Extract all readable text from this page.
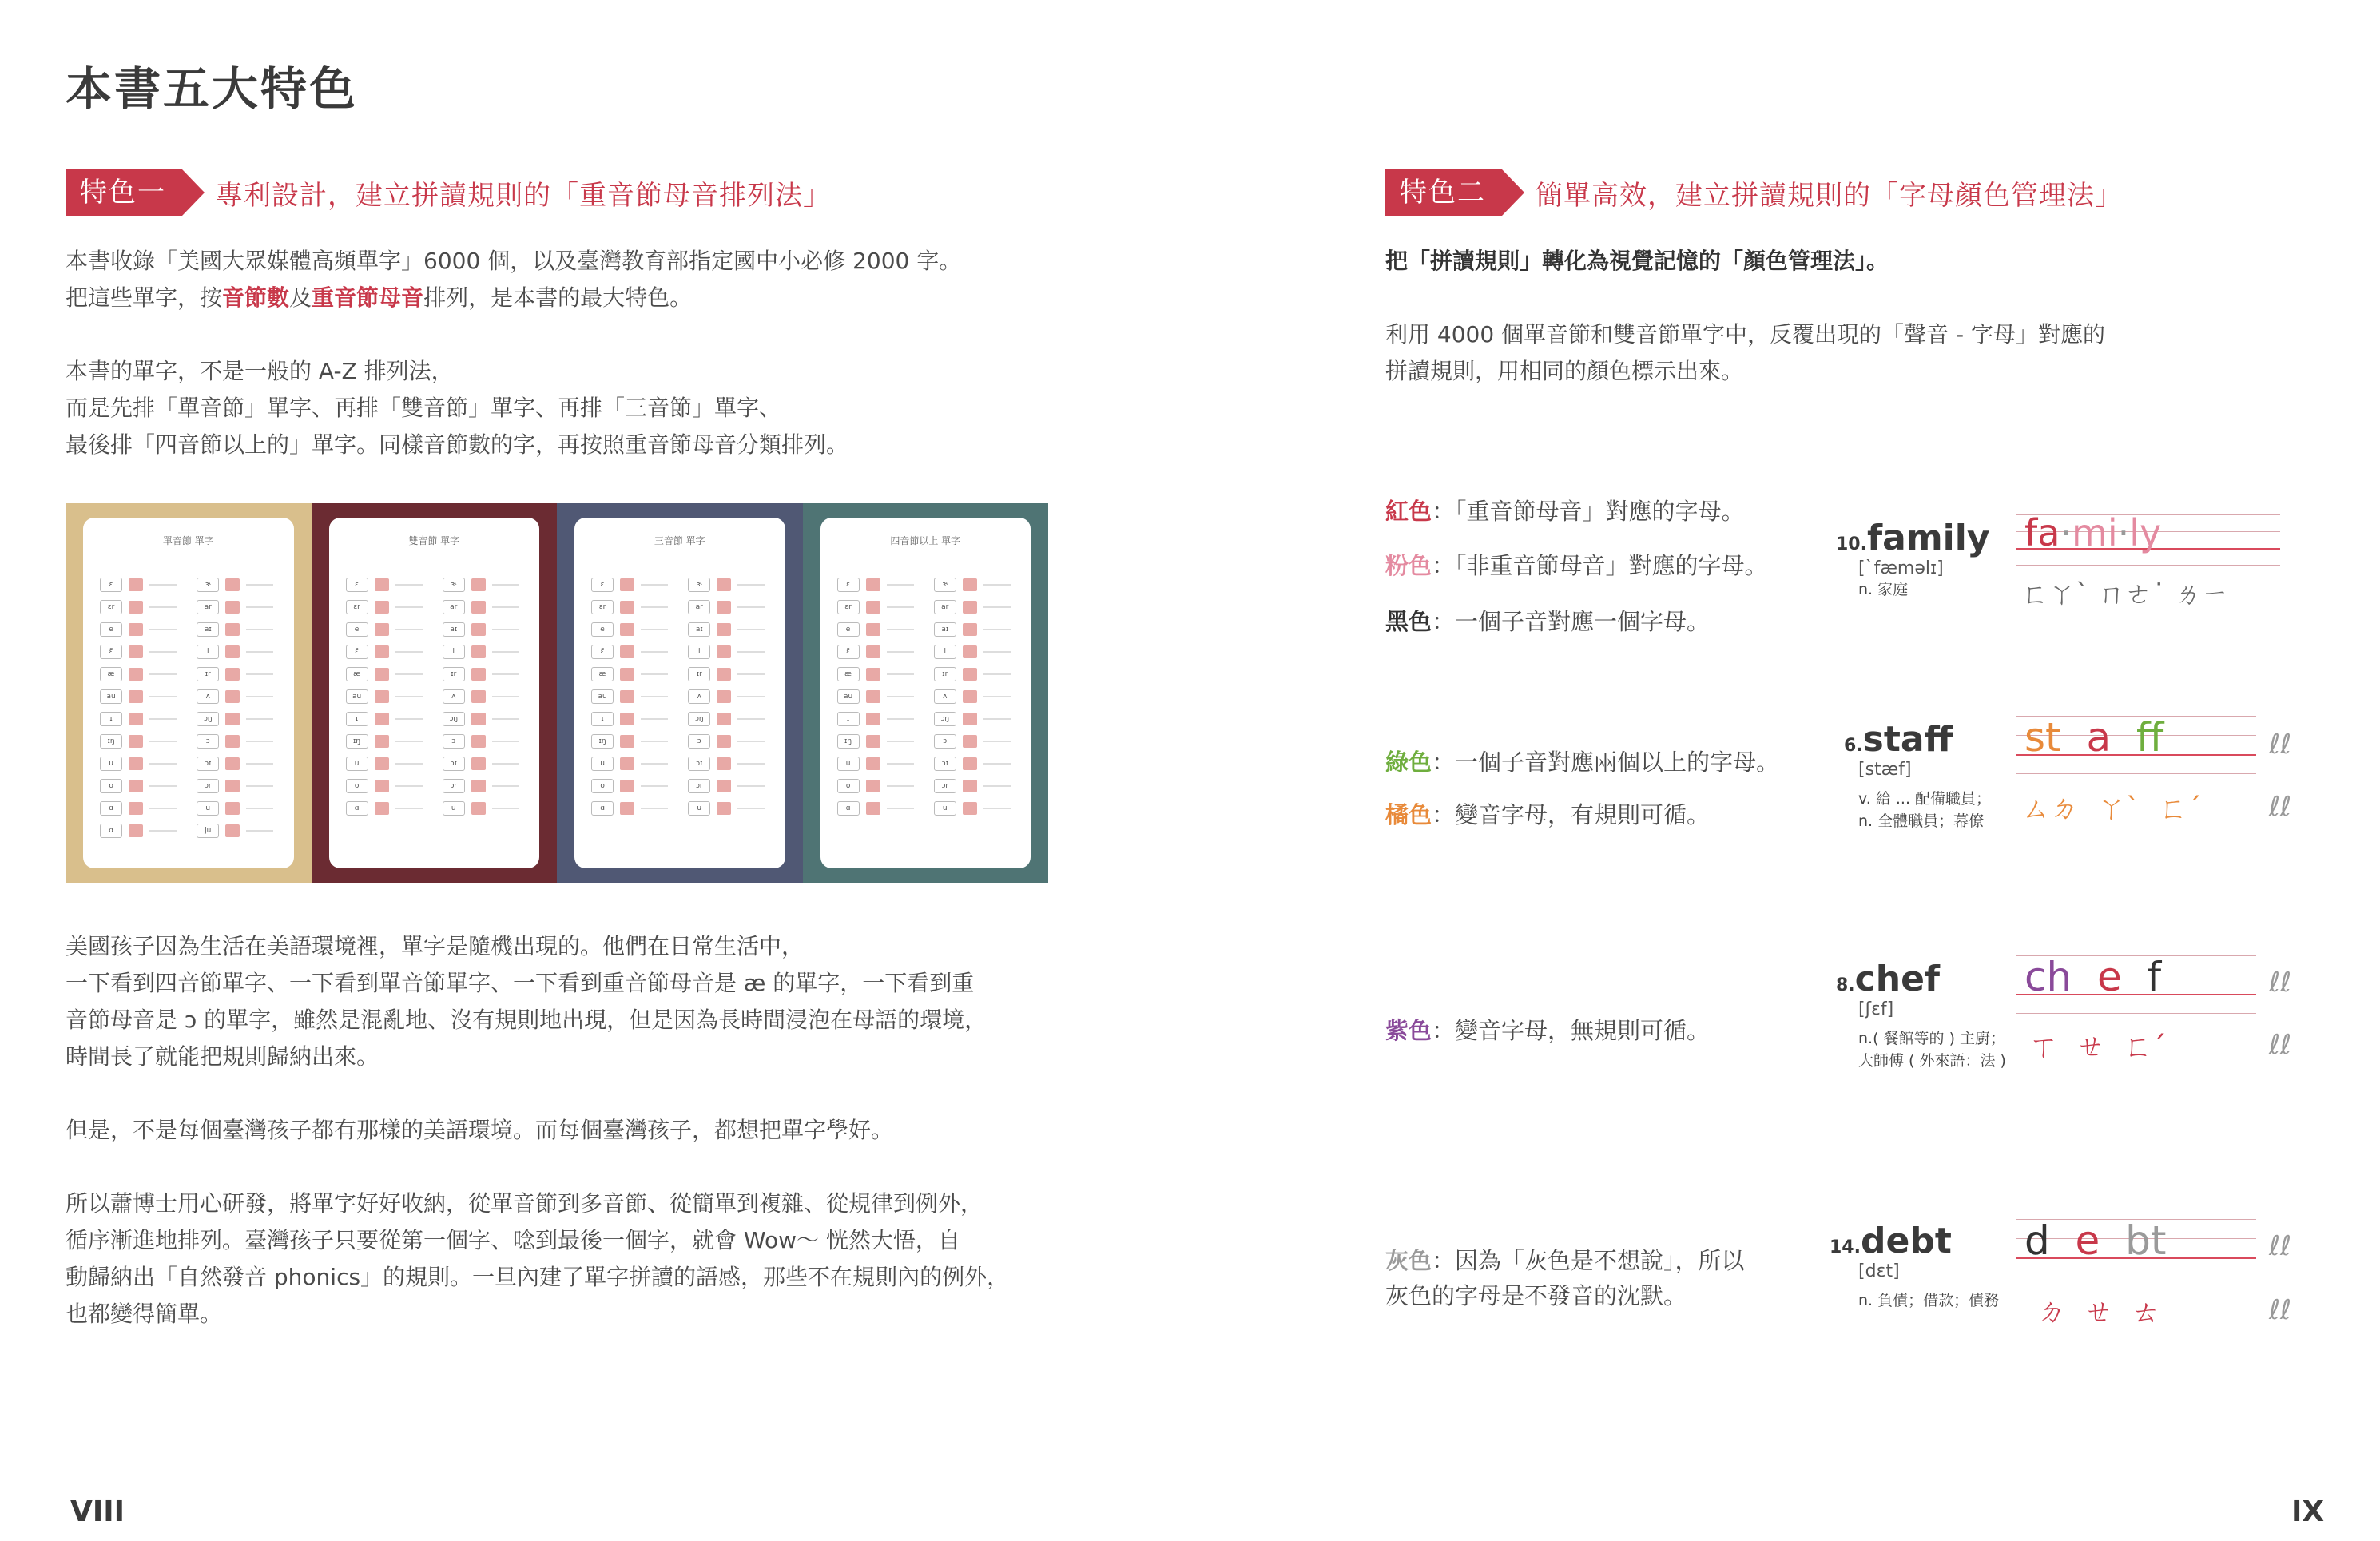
本書五大特色
特色一	專利設計，建立拼讀規則的「重音節母音排列法」

本書收錄「美國大眾媒體高頻單字」6000 個，以及臺灣教育部指定國中小必修 2000 字。

把這些單字，按音節數及重音節母音排列，是本書的最大特色。

本書的單字，不是一般的 A-Z 排列法，

而是先排「單音節」單字、再排「雙音節」單字、再排「三音節」單字、

最後排「四音節以上的」單字。同樣音節數的字，再按照重音節母音分類排列。

單音節 單字
ɛ
ɛr
e
ɛ̃
æ
au
ɪ
ɪŋ
u
o
ɑ
ɑ
ɝ
ar
aɪ
i
ɪr
ʌ
ɔŋ
ɔ
ɔɪ
ɔr
u
ju
雙音節 單字
ɛ
ɛr
e
ɛ̃
æ
au
ɪ
ɪŋ
u
o
ɑ
ɝ
ar
aɪ
i
ɪr
ʌ
ɔŋ
ɔ
ɔɪ
ɔr
u
三音節 單字
ɛ
ɛr
e
ɛ̃
æ
au
ɪ
ɪŋ
u
o
ɑ
ɝ
ar
aɪ
i
ɪr
ʌ
ɔŋ
ɔ
ɔɪ
ɔr
u
四音節以上 單字
ɛ
ɛr
e
ɛ̃
æ
au
ɪ
ɪŋ
u
o
ɑ
ɝ
ar
aɪ
i
ɪr
ʌ
ɔŋ
ɔ
ɔɪ
ɔr
u

美國孩子因為生活在美語環境裡，單字是隨機出現的。他們在日常生活中，

一下看到四音節單字、一下看到單音節單字、一下看到重音節母音是 æ 的單字，一下看到重

音節母音是 ɔ 的單字，雖然是混亂地、沒有規則地出現，但是因為長時間浸泡在母語的環境，

時間長了就能把規則歸納出來。

但是，不是每個臺灣孩子都有那樣的美語環境。而每個臺灣孩子，都想把單字學好。

所以蕭博士用心研發，將單字好好收納，從單音節到多音節、從簡單到複雜、從規律到例外，

循序漸進地排列。臺灣孩子只要從第一個字、唸到最後一個字，就會 Wow～ 恍然大悟，自

動歸納出「自然發音 phonics」的規則。一旦內建了單字拼讀的語感，那些不在規則內的例外，

也都變得簡單。

特色二	簡單高效，建立拼讀規則的「字母顏色管理法」

把「拼讀規則」轉化為視覺記憶的「顏色管理法」。

利用 4000 個單音節和雙音節單字中，反覆出現的「聲音 - 字母」對應的

拼讀規則，用相同的顏色標示出來。

紅色：「重音節母音」對應的字母。
粉色：「非重音節母音」對應的字母。
黑色：一個子音對應一個字母。
綠色：一個子音對應兩個以上的字母。
橘色：變音字母，有規則可循。
紫色：變音字母，無規則可循。
灰色：因為「灰色是不想說」，所以
灰色的字母是不發音的沈默。
10.family
[ˋfæməlɪ]
n. 家庭
fa·mi·ly
ㄈㄚˋ ㄇㄜ˙ ㄌㄧ
6.staff
[stæf]
v. 給 ... 配備職員；
n. 全體職員；幕僚
st a ff	ℓℓ
ㄙㄉ  ㄚˋ  ㄈˊ ℓℓ
8.chef
[ʃɛf]
n.( 餐館等的 ) 主廚；
大師傅 ( 外來語：法 )
ch e f	ℓℓ
ㄒ  ㄝ  ㄈˊ	ℓℓ
14.debt
[dɛt]
n. 負債；借款；債務
d e bt	ℓℓ
ㄉ  ㄝ  ㄊ	ℓℓ
VIII	IX
